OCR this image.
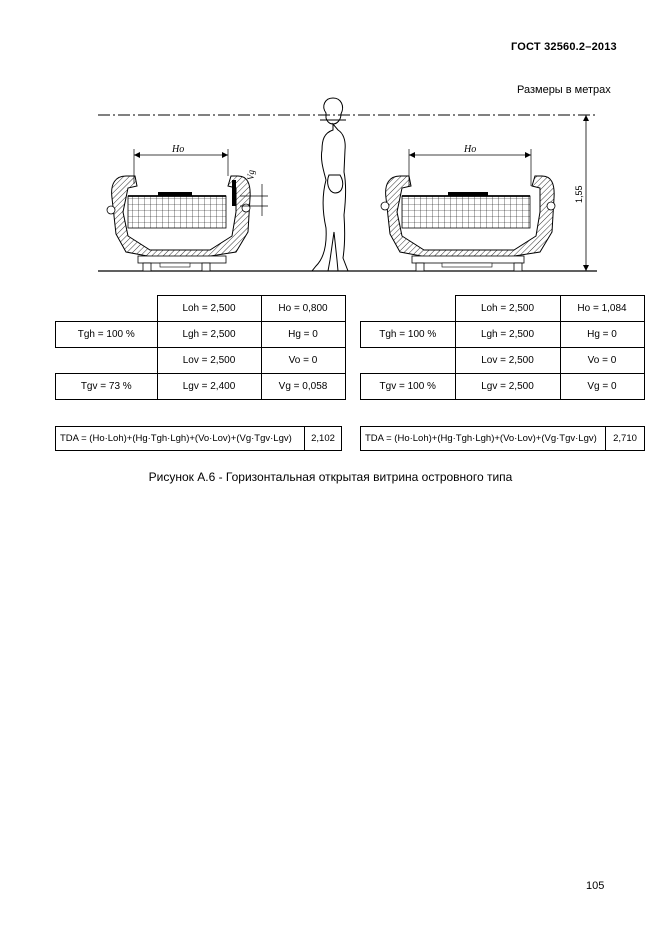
ГОСТ 32560.2–2013
Размеры в метрах
1,55
Hо
Vg
Hо
	Loh = 2,500	Ho = 0,800
Tgh = 100 %	Lgh = 2,500	Hg = 0
	Lov = 2,500	Vo = 0
Tgv = 73 %	Lgv = 2,400	Vg = 0,058
	Loh = 2,500	Ho = 1,084
Tgh = 100 %	Lgh = 2,500	Hg = 0
	Lov = 2,500	Vo = 0
Tgv = 100 %	Lgv = 2,500	Vg = 0
TDA = (Ho·Loh)+(Hg·Tgh·Lgh)+(Vo·Lov)+(Vg·Tgv·Lgv)	2,102	TDA = (Ho·Loh)+(Hg·Tgh·Lgh)+(Vo·Lov)+(Vg·Tgv·Lgv)	2,710
Рисунок А.6 - Горизонтальная открытая витрина островного типа
105
